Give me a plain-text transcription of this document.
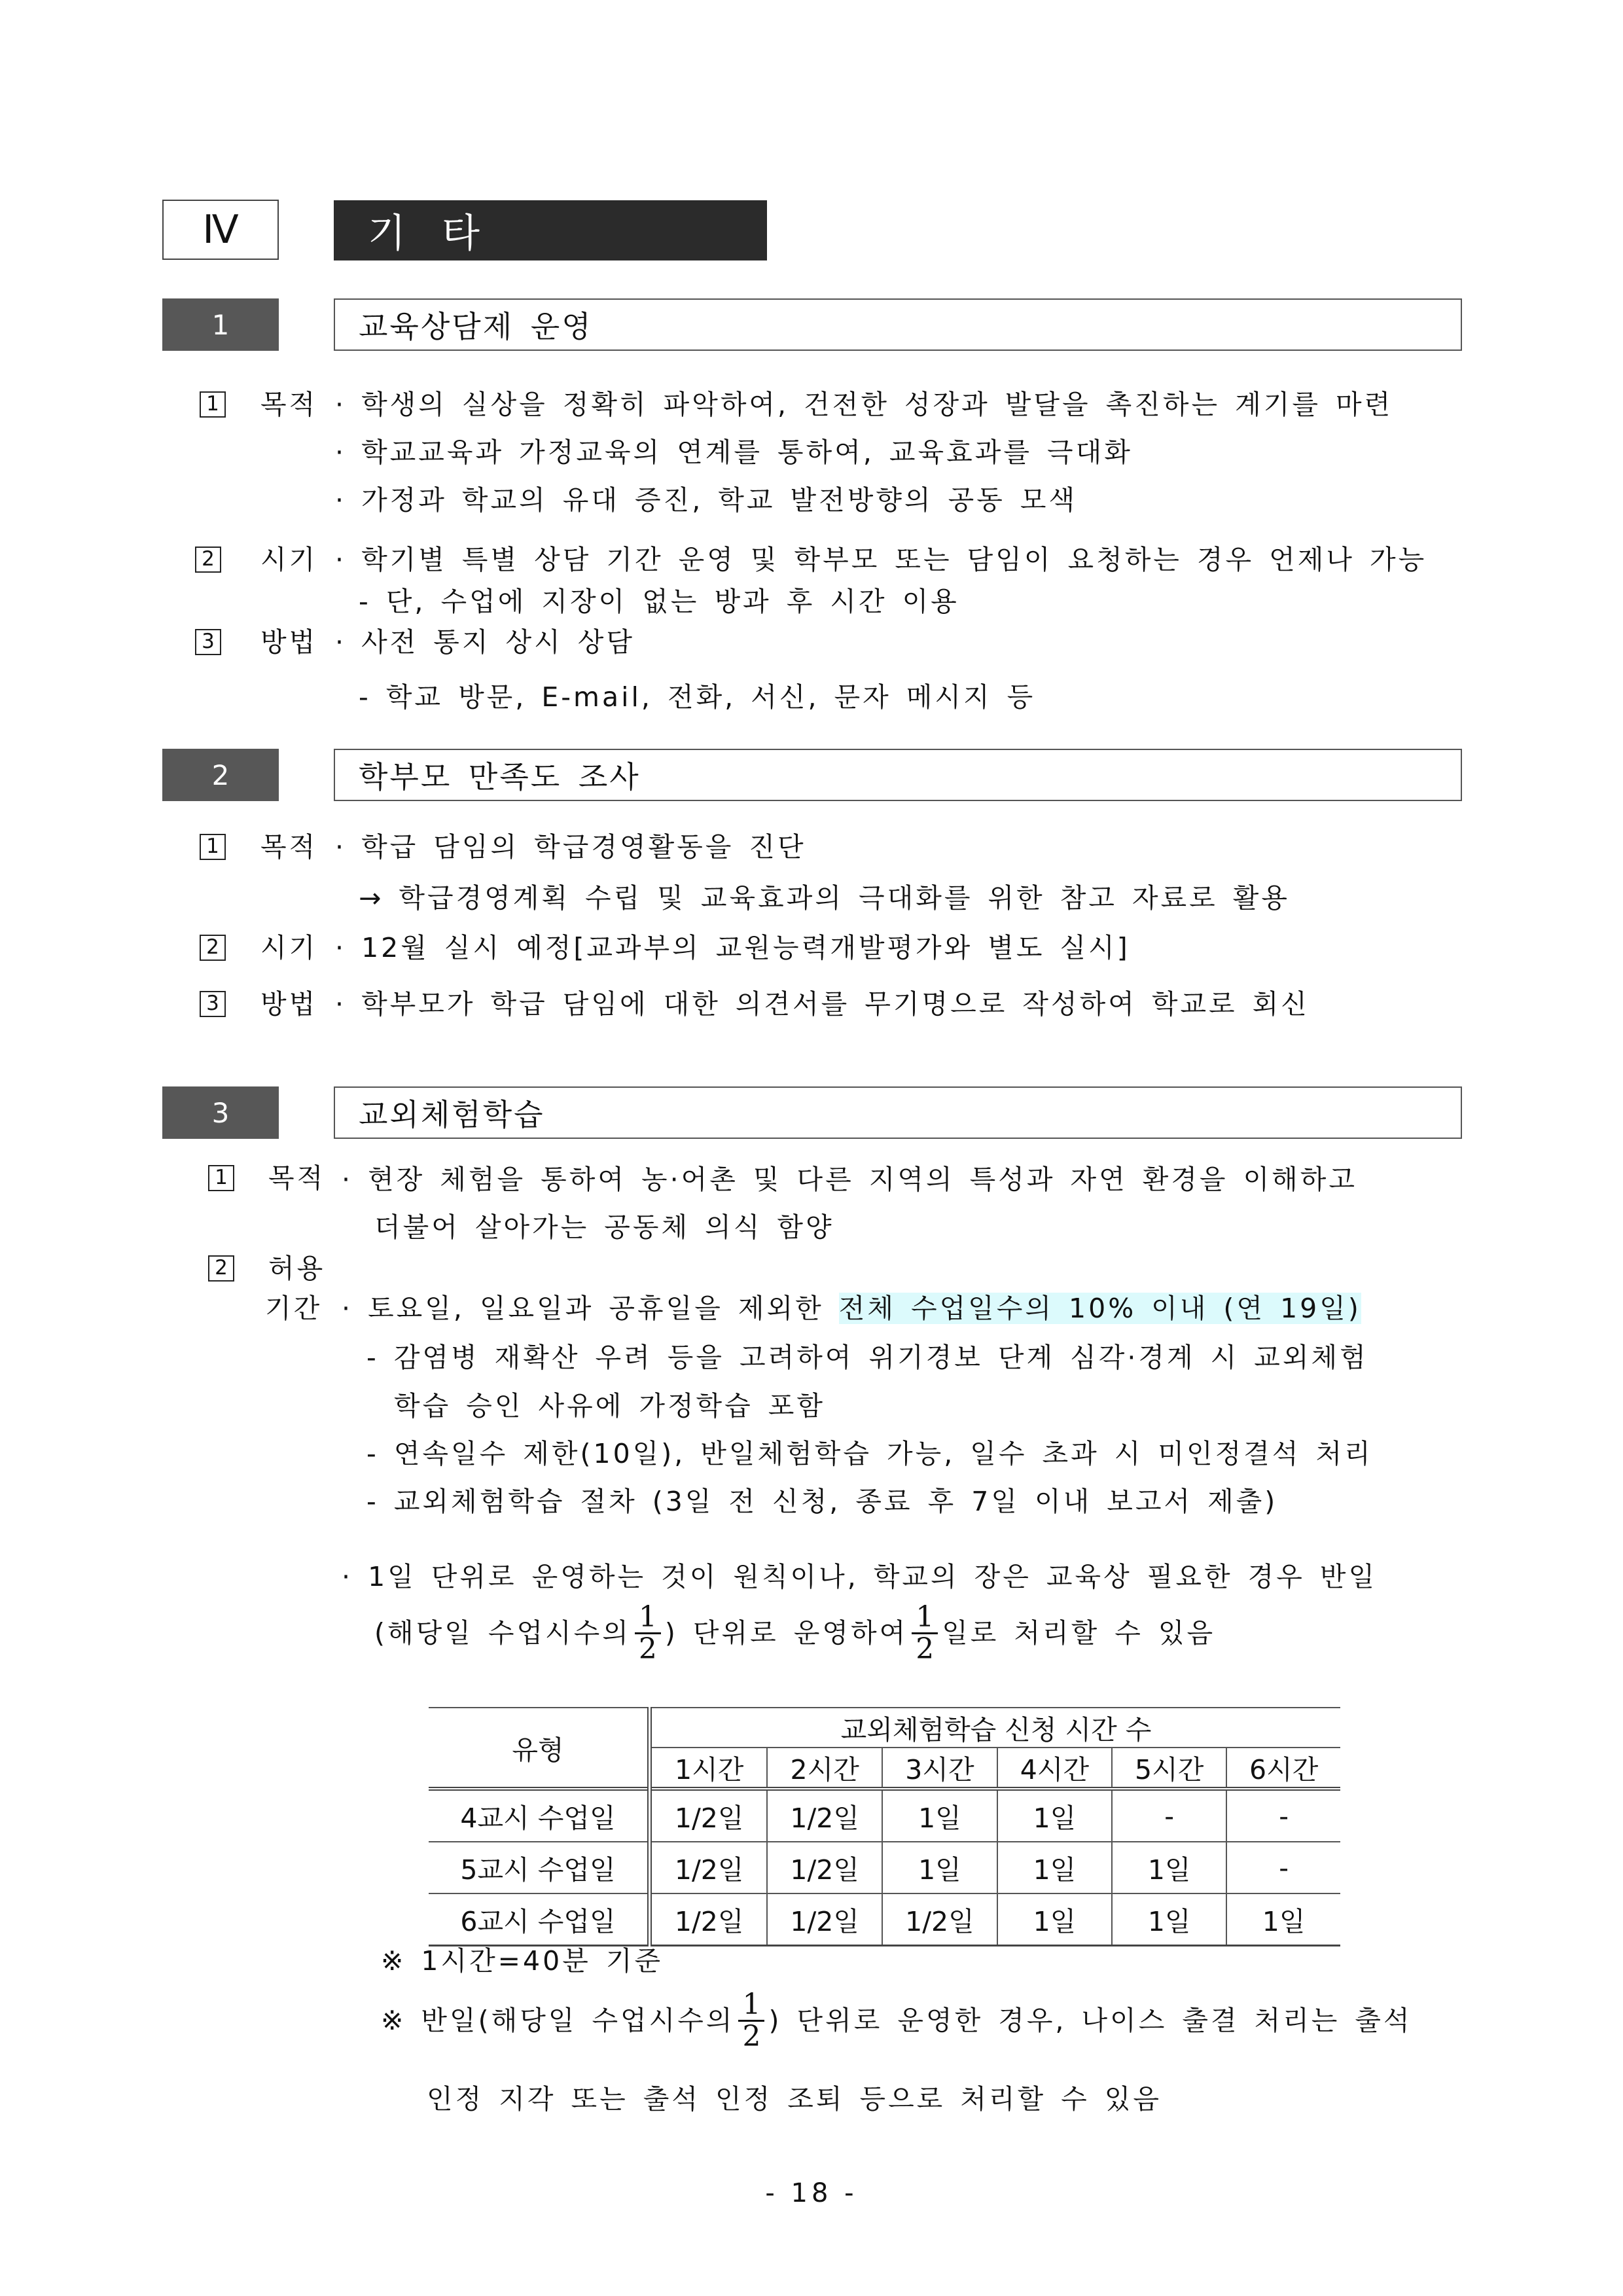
Ⅳ	기 타
1	교육상담제 운영
1 목적 · 학생의 실상을 정확히 파악하여, 건전한 성장과 발달을 촉진하는 계기를 마련
· 학교교육과 가정교육의 연계를 통하여, 교육효과를 극대화
· 가정과 학교의 유대 증진, 학교 발전방향의 공동 모색
2 시기 · 학기별 특별 상담 기간 운영 및 학부모 또는 담임이 요청하는 경우 언제나 가능
- 단, 수업에 지장이 없는 방과 후 시간 이용
3 방법 · 사전 통지 상시 상담
- 학교 방문, E-mail, 전화, 서신, 문자 메시지 등
2	학부모 만족도 조사
1 목적 · 학급 담임의 학급경영활동을 진단
→ 학급경영계획 수립 및 교육효과의 극대화를 위한 참고 자료로 활용
2 시기 · 12월 실시 예정[교과부의 교원능력개발평가와 별도 실시]
3 방법 · 학부모가 학급 담임에 대한 의견서를 무기명으로 작성하여 학교로 회신
3	교외체험학습
1 목적 · 현장 체험을 통하여 농·어촌 및 다른 지역의 특성과 자연 환경을 이해하고
더불어 살아가는 공동체 의식 함양
2 허용
기간 · 토요일, 일요일과 공휴일을 제외한 전체 수업일수의 10% 이내 (연 19일)
- 감염병 재확산 우려 등을 고려하여 위기경보 단계 심각·경계 시 교외체험
학습 승인 사유에 가정학습 포함
- 연속일수 제한(10일), 반일체험학습 가능, 일수 초과 시 미인정결석 처리
- 교외체험학습 절차 (3일 전 신청, 종료 후 7일 이내 보고서 제출)
· 1일 단위로 운영하는 것이 원칙이나, 학교의 장은 교육상 필요한 경우 반일
(해당일 수업시수의 $\frac{1}{2}$ ) 단위로 운영하여 $\frac{1}{2}$ 일로 처리할 수 있음
유형	교외체험학습 신청 시간 수					
	1시간	2시간	3시간	4시간	5시간	6시간
4교시 수업일	1/2일	1/2일	1일	1일	-	-
5교시 수업일	1/2일	1/2일	1일	1일	1일	-
6교시 수업일	1/2일	1/2일	1/2일	1일	1일	1일
※ 1시간=40분 기준
※ 반일(해당일 수업시수의 $\frac{1}{2}$ ) 단위로 운영한 경우, 나이스 출결 처리는 출석
인정 지각 또는 출석 인정 조퇴 등으로 처리할 수 있음
- 18 -
